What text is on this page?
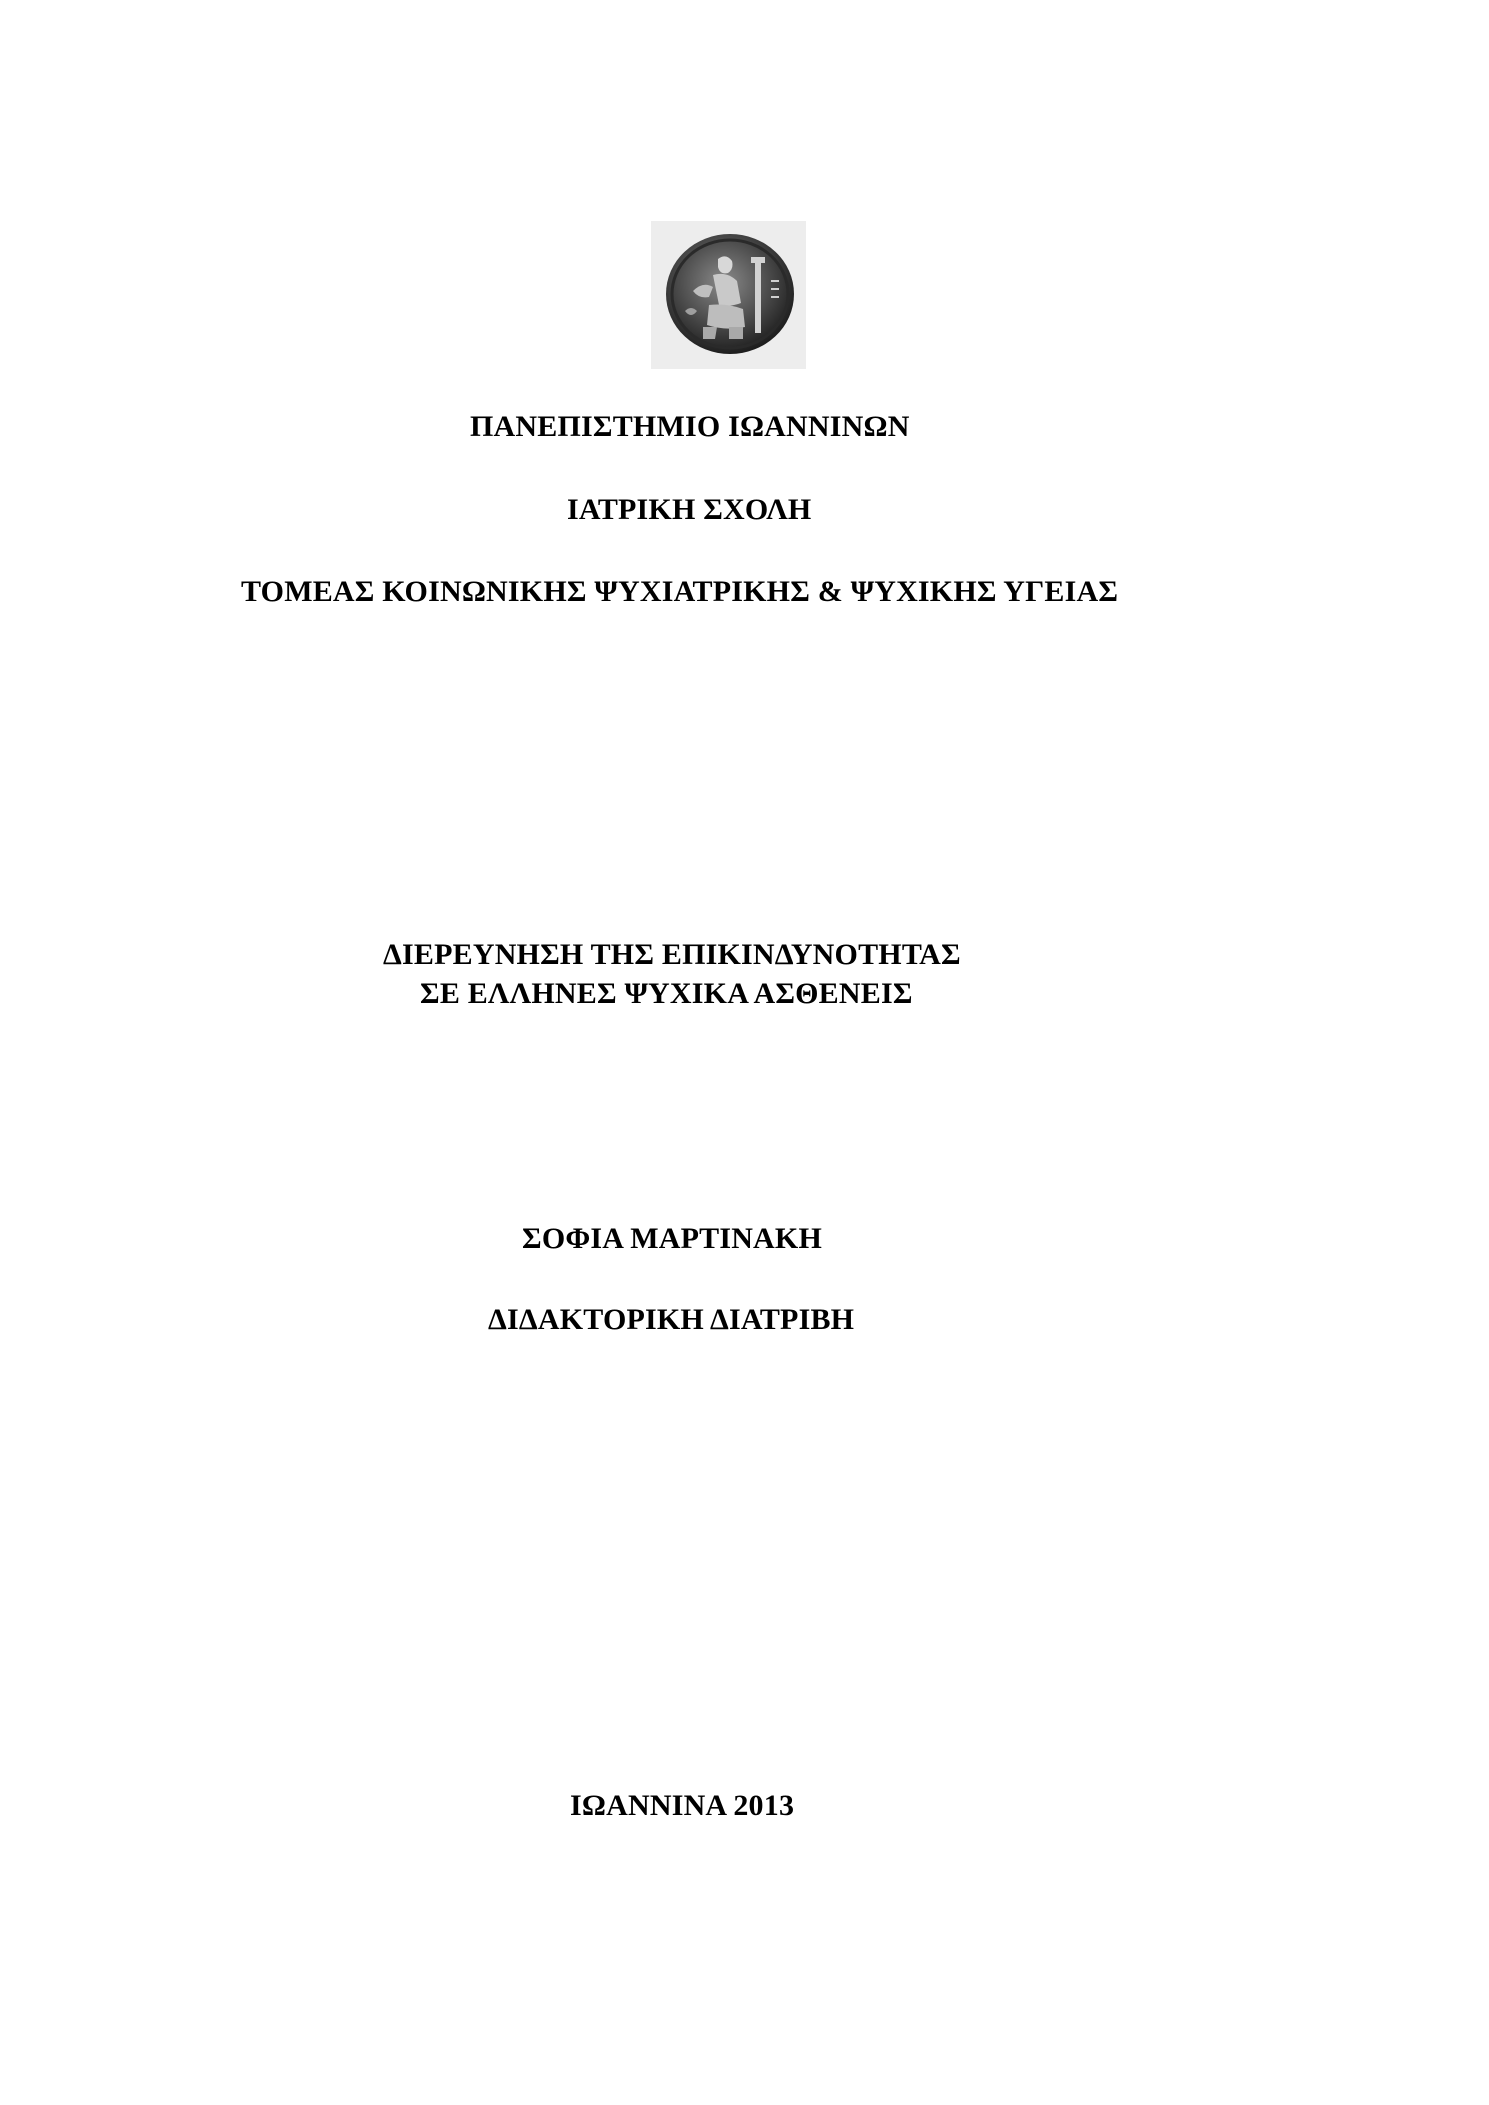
ΠΑΝΕΠΙΣΤΗΜΙΟ ΙΩΑΝΝΙΝΩΝ
ΙΑΤΡΙΚΗ ΣΧΟΛΗ
ΤΟΜΕΑΣ ΚΟΙΝΩΝΙΚΗΣ ΨΥΧΙΑΤΡΙΚΗΣ & ΨΥΧΙΚΗΣ ΥΓΕΙΑΣ
ΔΙΕΡΕΥΝΗΣΗ ΤΗΣ ΕΠΙΚΙΝΔΥΝΟΤΗΤΑΣ
ΣΕ ΕΛΛΗΝΕΣ ΨΥΧΙΚΑ ΑΣΘΕΝΕΙΣ
ΣΟΦΙΑ ΜΑΡΤΙΝΑΚΗ
ΔΙΔΑΚΤΟΡΙΚΗ ΔΙΑΤΡΙΒΗ
ΙΩΑΝΝΙΝΑ 2013
